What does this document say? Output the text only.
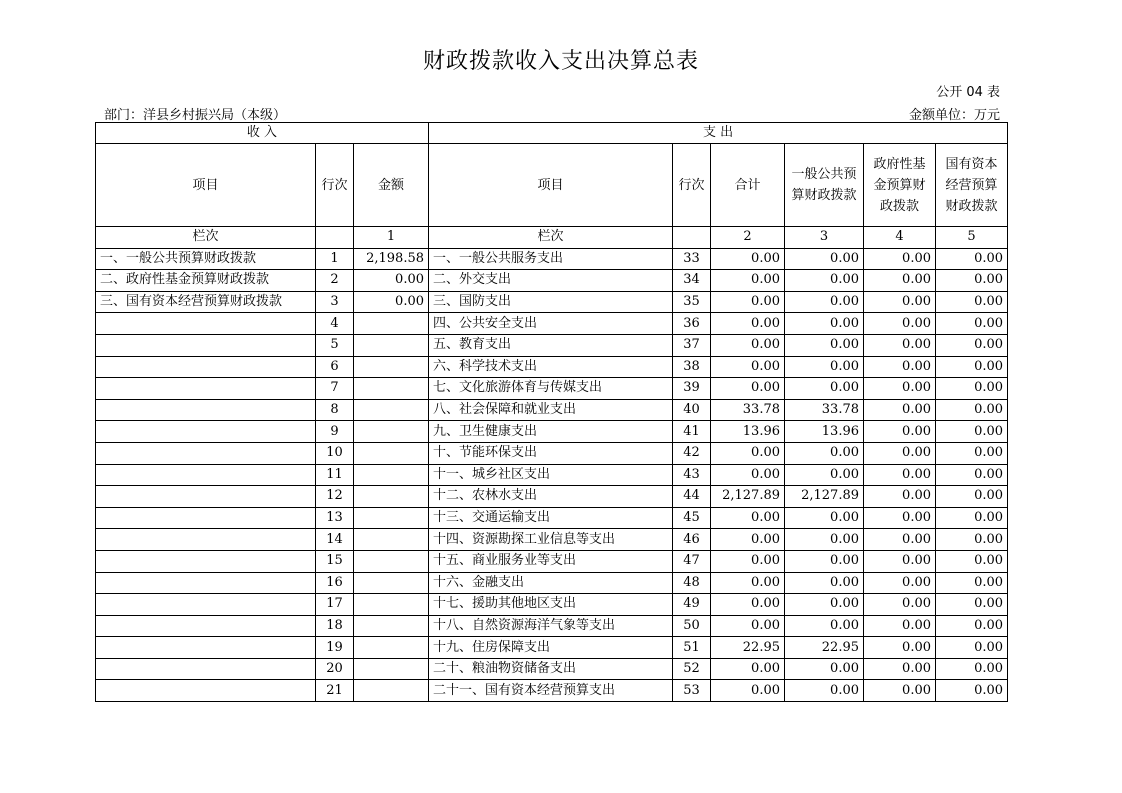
财政拨款收入支出决算总表
公开 04 表
部门：洋县乡村振兴局（本级）	金额单位：万元
收 入			支 出					
项目	行次	金额	项目	行次	合计	一般公共预算财政拨款	政府性基金预算财政拨款	国有资本经营预算财政拨款
栏次		1	栏次		2	3	4	5
一、一般公共预算财政拨款	1	2,198.58	一、一般公共服务支出	33	0.00	0.00	0.00	0.00
二、政府性基金预算财政拨款	2	0.00	二、外交支出	34	0.00	0.00	0.00	0.00
三、国有资本经营预算财政拨款	3	0.00	三、国防支出	35	0.00	0.00	0.00	0.00
	4		四、公共安全支出	36	0.00	0.00	0.00	0.00
	5		五、教育支出	37	0.00	0.00	0.00	0.00
	6		六、科学技术支出	38	0.00	0.00	0.00	0.00
	7		七、文化旅游体育与传媒支出	39	0.00	0.00	0.00	0.00
	8		八、社会保障和就业支出	40	33.78	33.78	0.00	0.00
	9		九、卫生健康支出	41	13.96	13.96	0.00	0.00
	10		十、节能环保支出	42	0.00	0.00	0.00	0.00
	11		十一、城乡社区支出	43	0.00	0.00	0.00	0.00
	12		十二、农林水支出	44	2,127.89	2,127.89	0.00	0.00
	13		十三、交通运输支出	45	0.00	0.00	0.00	0.00
	14		十四、资源勘探工业信息等支出	46	0.00	0.00	0.00	0.00
	15		十五、商业服务业等支出	47	0.00	0.00	0.00	0.00
	16		十六、金融支出	48	0.00	0.00	0.00	0.00
	17		十七、援助其他地区支出	49	0.00	0.00	0.00	0.00
	18		十八、自然资源海洋气象等支出	50	0.00	0.00	0.00	0.00
	19		十九、住房保障支出	51	22.95	22.95	0.00	0.00
	20		二十、粮油物资储备支出	52	0.00	0.00	0.00	0.00
	21		二十一、国有资本经营预算支出	53	0.00	0.00	0.00	0.00
